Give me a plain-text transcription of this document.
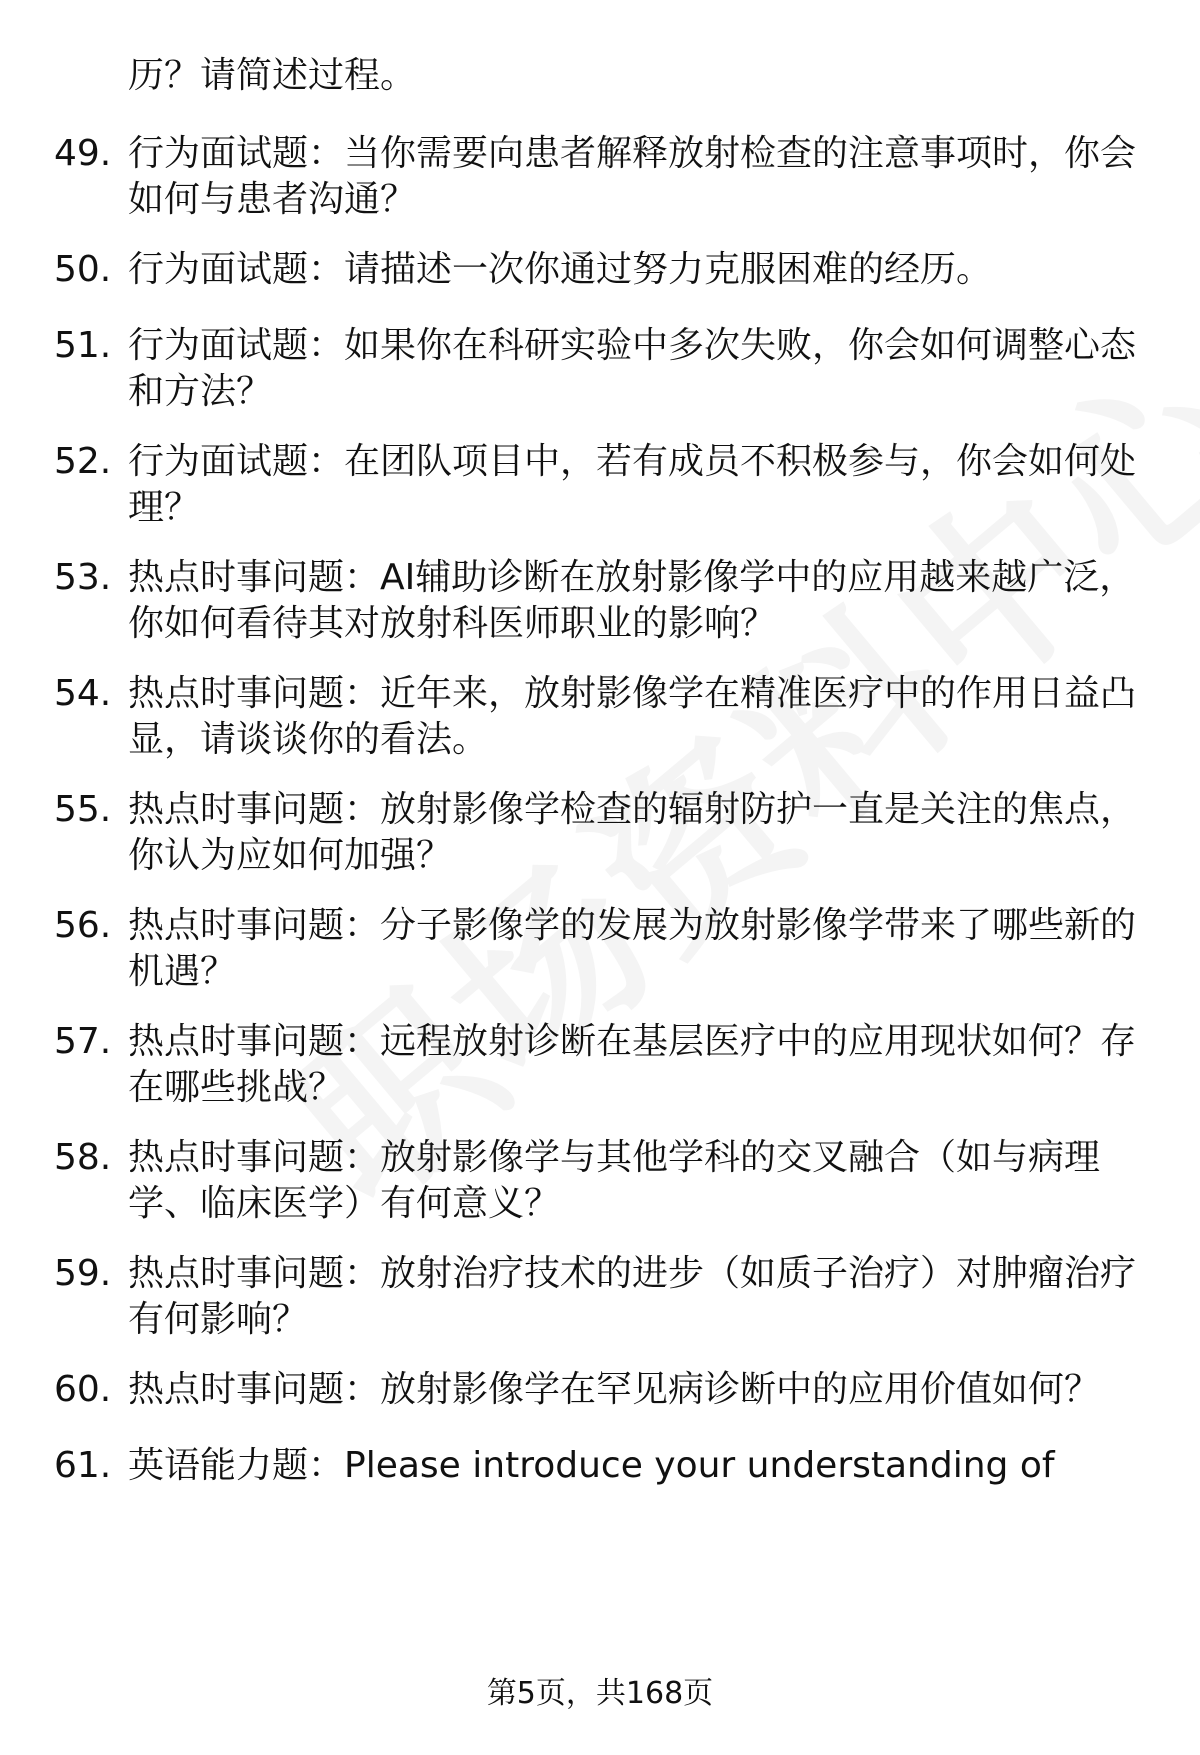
历？请简述过程。
49. 行为面试题：当你需要向患者解释放射检查的注意事项时，你会
如何与患者沟通？
50. 行为面试题：请描述一次你通过努力克服困难的经历。
51. 行为面试题：如果你在科研实验中多次失败，你会如何调整心态
和方法？
52. 行为面试题：在团队项目中，若有成员不积极参与，你会如何处
理？
53. 热点时事问题：AI辅助诊断在放射影像学中的应用越来越广泛，
你如何看待其对放射科医师职业的影响？
54. 热点时事问题：近年来，放射影像学在精准医疗中的作用日益凸
显，请谈谈你的看法。
55. 热点时事问题：放射影像学检查的辐射防护一直是关注的焦点，
你认为应如何加强？
56. 热点时事问题：分子影像学的发展为放射影像学带来了哪些新的
机遇？
57. 热点时事问题：远程放射诊断在基层医疗中的应用现状如何？存
在哪些挑战？
58. 热点时事问题：放射影像学与其他学科的交叉融合（如与病理
学、临床医学）有何意义？
59. 热点时事问题：放射治疗技术的进步（如质子治疗）对肿瘤治疗
有何影响？
60. 热点时事问题：放射影像学在罕见病诊断中的应用价值如何？
61. 英语能力题：Please introduce your understanding of
第5页，共168页
